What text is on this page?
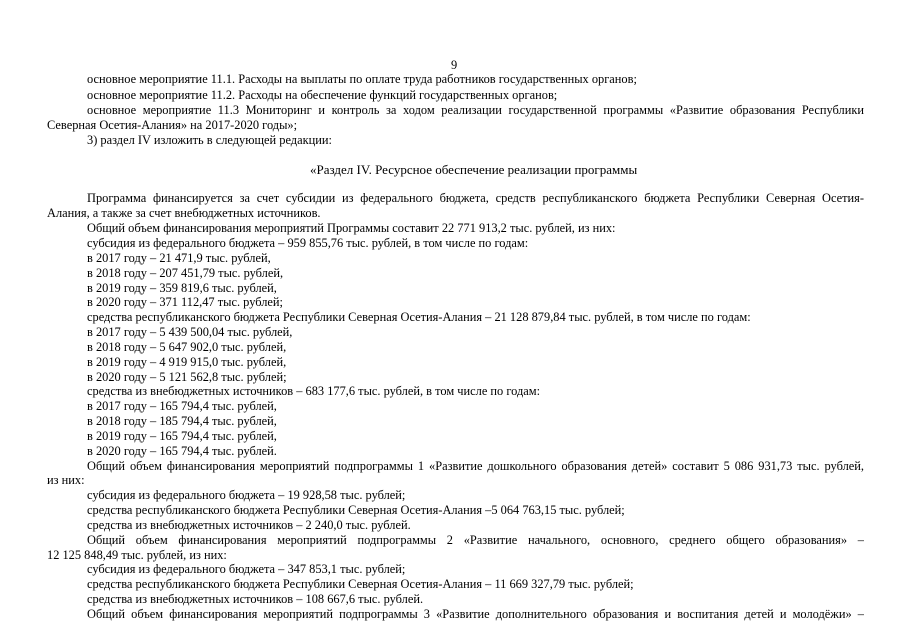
9
основное мероприятие 11.1. Расходы на выплаты по оплате труда работников государственных органов;
основное мероприятие 11.2. Расходы на обеспечение функций государственных органов;
основное мероприятие 11.3 Мониторинг и контроль за ходом реализации государственной программы «Развитие образования Республики
Северная Осетия-Алания» на 2017-2020 годы»;
3) раздел IV изложить в следующей редакции:
«Раздел IV. Ресурсное обеспечение реализации программы
Программа финансируется за счет субсидии из федерального бюджета, средств республиканского бюджета Республики Северная Осетия-
Алания, а также за счет внебюджетных источников.
Общий объем финансирования мероприятий Программы составит 22 771 913,2 тыс. рублей, из них:
субсидия из федерального бюджета – 959 855,76 тыс. рублей, в том числе по годам:
в 2017 году – 21 471,9 тыс. рублей,
в 2018 году – 207 451,79 тыс. рублей,
в 2019 году – 359 819,6 тыс. рублей,
в 2020 году – 371 112,47 тыс. рублей;
средства республиканского бюджета Республики Северная Осетия-Алания – 21 128 879,84 тыс. рублей, в том числе по годам:
в 2017 году – 5 439 500,04 тыс. рублей,
в 2018 году – 5 647 902,0 тыс. рублей,
в 2019 году – 4 919 915,0 тыс. рублей,
в 2020 году – 5 121 562,8 тыс. рублей;
средства из внебюджетных источников – 683 177,6 тыс. рублей, в том числе по годам:
в 2017 году – 165 794,4 тыс. рублей,
в 2018 году – 185 794,4 тыс. рублей,
в 2019 году – 165 794,4 тыс. рублей,
в 2020 году – 165 794,4 тыс. рублей.
Общий объем финансирования мероприятий подпрограммы 1 «Развитие дошкольного образования детей» составит 5 086 931,73 тыс. рублей,
из них:
субсидия из федерального бюджета – 19 928,58 тыс. рублей;
средства республиканского бюджета Республики Северная Осетия-Алания –5 064 763,15 тыс. рублей;
средства из внебюджетных источников – 2 240,0 тыс. рублей.
Общий объем финансирования мероприятий подпрограммы 2 «Развитие начального, основного, среднего общего образования» –
12 125 848,49 тыс. рублей, из них:
субсидия из федерального бюджета – 347 853,1 тыс. рублей;
средства республиканского бюджета Республики Северная Осетия-Алания – 11 669 327,79 тыс. рублей;
средства из внебюджетных источников – 108 667,6 тыс. рублей.
Общий объем финансирования мероприятий подпрограммы 3 «Развитие дополнительного образования и воспитания детей и молодёжи» –
